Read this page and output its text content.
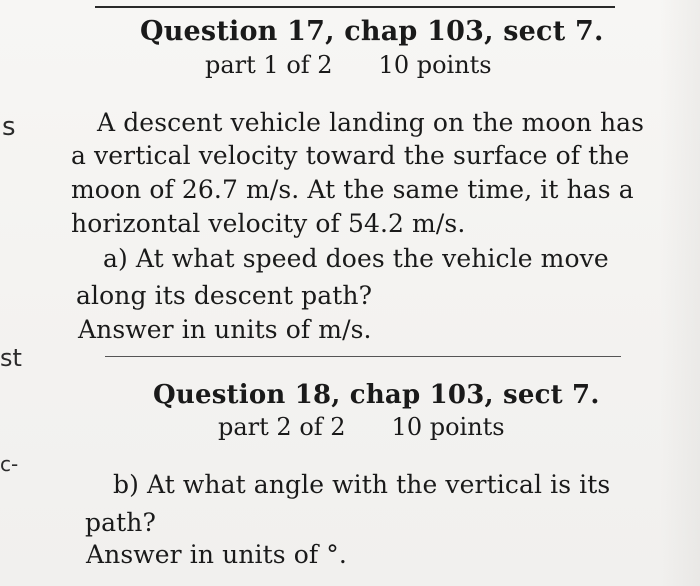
s
st
c-
Question 17, chap 103, sect 7.
part 1 of 2 10 points
A descent vehicle landing on the moon has
a vertical velocity toward the surface of the
moon of 26.7 m/s. At the same time, it has a
horizontal velocity of 54.2 m/s.
a) At what speed does the vehicle move
along its descent path?
Answer in units of m/s.
Question 18, chap 103, sect 7.
part 2 of 2 10 points
b) At what angle with the vertical is its
path?
Answer in units of °.
